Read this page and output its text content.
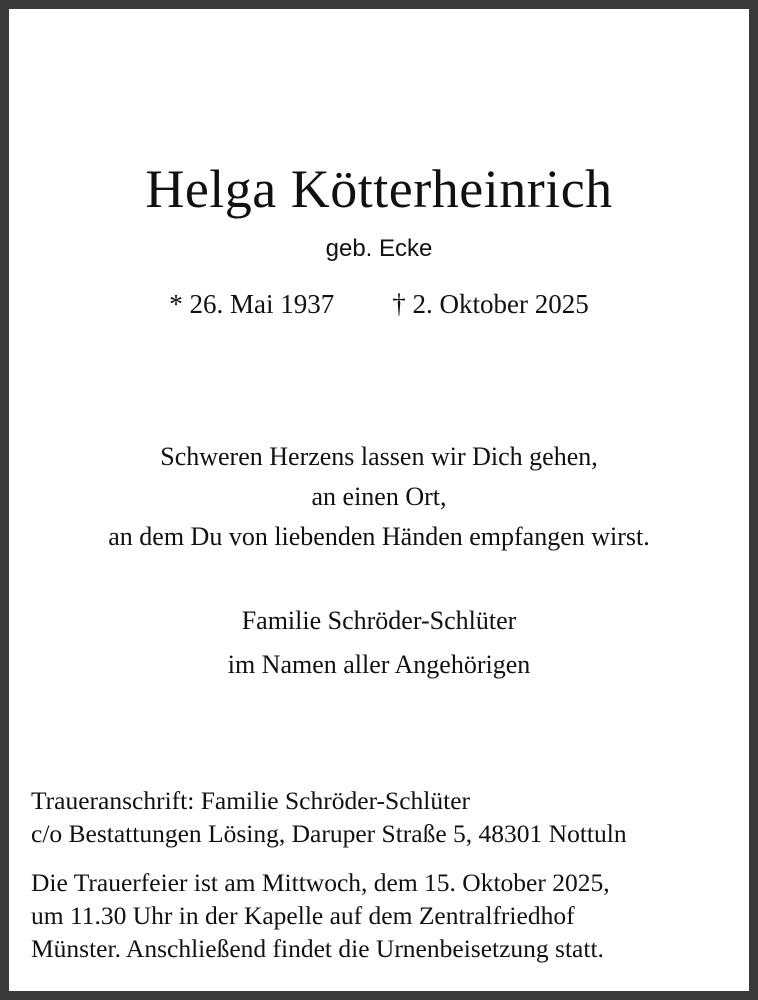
Helga Kötterheinrich
geb. Ecke
* 26. Mai 1937 † 2. Oktober 2025
Schweren Herzens lassen wir Dich gehen,
an einen Ort,
an dem Du von liebenden Händen empfangen wirst.
Familie Schröder-Schlüter
im Namen aller Angehörigen
Traueranschrift: Familie Schröder-Schlüter
c/o Bestattungen Lösing, Daruper Straße 5, 48301 Nottuln
Die Trauerfeier ist am Mittwoch, dem 15. Oktober 2025,
um 11.30 Uhr in der Kapelle auf dem Zentralfriedhof
Münster. Anschließend findet die Urnenbeisetzung statt.
